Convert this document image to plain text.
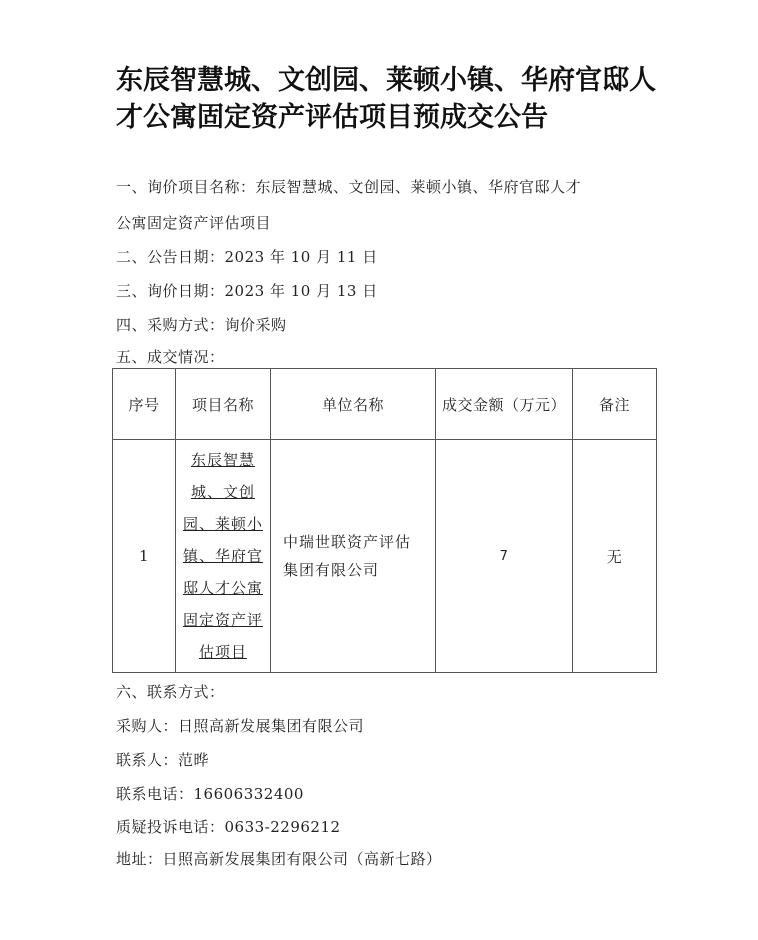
东辰智慧城、文创园、莱顿小镇、华府官邸人才公寓固定资产评估项目预成交公告
一、询价项目名称：东辰智慧城、文创园、莱顿小镇、华府官邸人才
公寓固定资产评估项目
二、公告日期：2023 年 10 月 11 日
三、询价日期：2023 年 10 月 13 日
四、采购方式：询价采购
五、成交情况：
序号	项目名称	单位名称	成交金额（万元）	备注
1	东辰智慧城、文创园、莱顿小镇、华府官邸人才公寓固定资产评估项目	中瑞世联资产评估集团有限公司	7	无
六、联系方式：
采购人：日照高新发展集团有限公司
联系人：范晔
联系电话：16606332400
质疑投诉电话：0633-2296212
地址：日照高新发展集团有限公司（高新七路）
